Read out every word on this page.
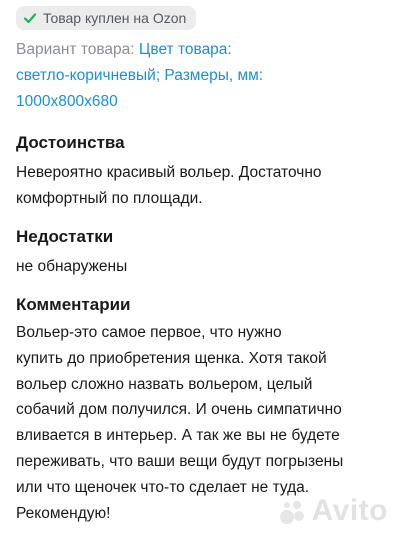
Товар куплен на Ozon
Вариант товара: Цвет товара:
светло-коричневый; Размеры, мм:
1000x800x680
Достоинства
Невероятно красивый вольер. Достаточно
комфортный по площади.
Недостатки
не обнаружены
Комментарии
Вольер-это самое первое, что нужно
купить до приобретения щенка. Хотя такой
вольер сложно назвать вольером, целый
собачий дом получился. И очень симпатично
вливается в интерьер. А так же вы не будете
переживать, что ваши вещи будут погрызены
или что щеночек что-то сделает не туда.
Рекомендую!	Avito
